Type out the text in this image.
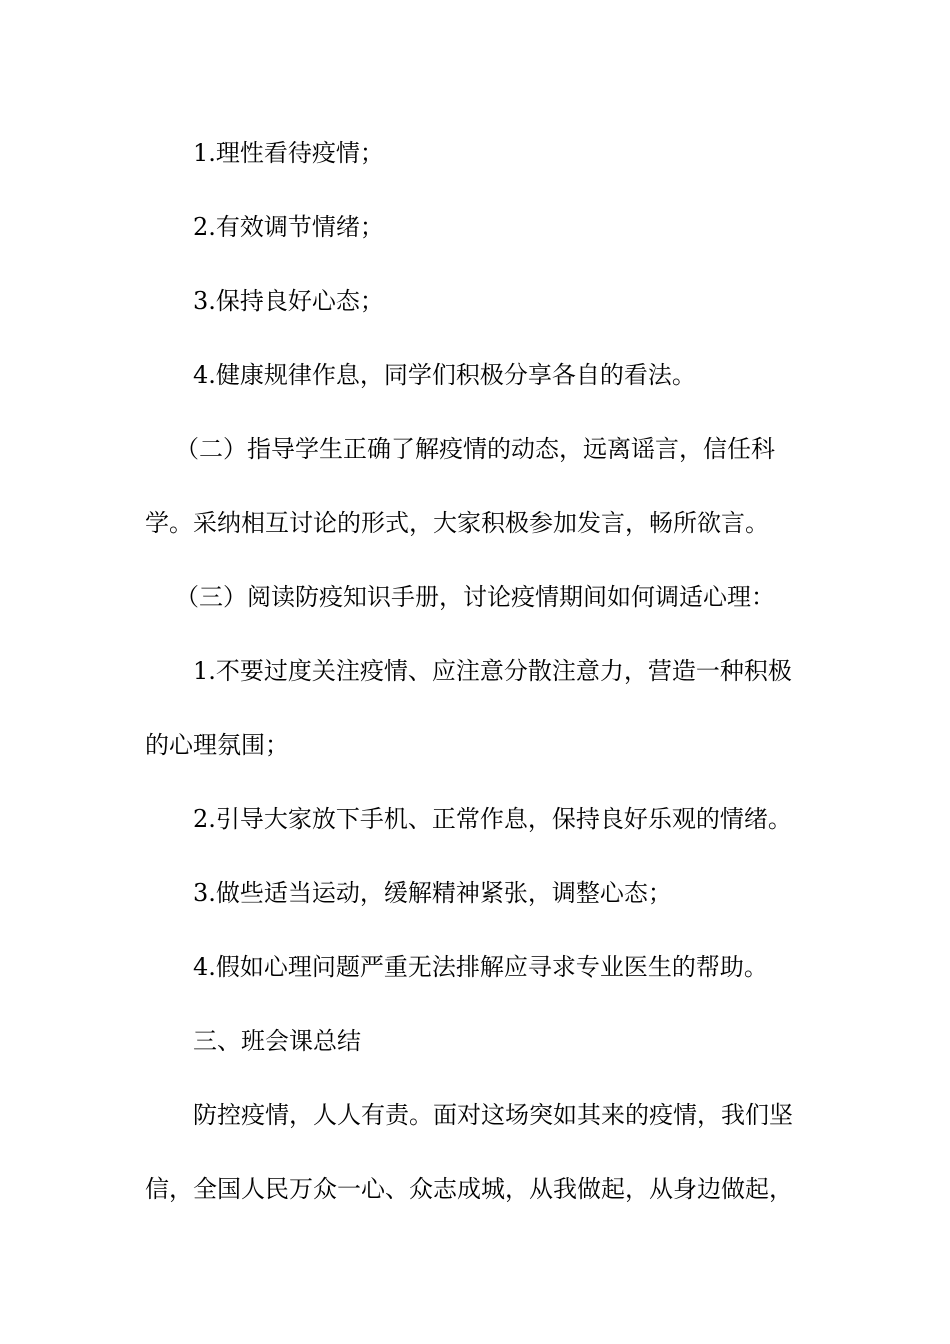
1.理性看待疫情；
2.有效调节情绪；
3.保持良好心态；
4.健康规律作息，同学们积极分享各自的看法。
（二）指导学生正确了解疫情的动态，远离谣言，信任科
学。采纳相互讨论的形式，大家积极参加发言，畅所欲言。
（三）阅读防疫知识手册，讨论疫情期间如何调适心理：
1.不要过度关注疫情、应注意分散注意力，营造一种积极
的心理氛围；
2.引导大家放下手机、正常作息，保持良好乐观的情绪。
3.做些适当运动，缓解精神紧张，调整心态；
4.假如心理问题严重无法排解应寻求专业医生的帮助。
三、班会课总结
防控疫情，人人有责。面对这场突如其来的疫情，我们坚
信，全国人民万众一心、众志成城，从我做起，从身边做起，
